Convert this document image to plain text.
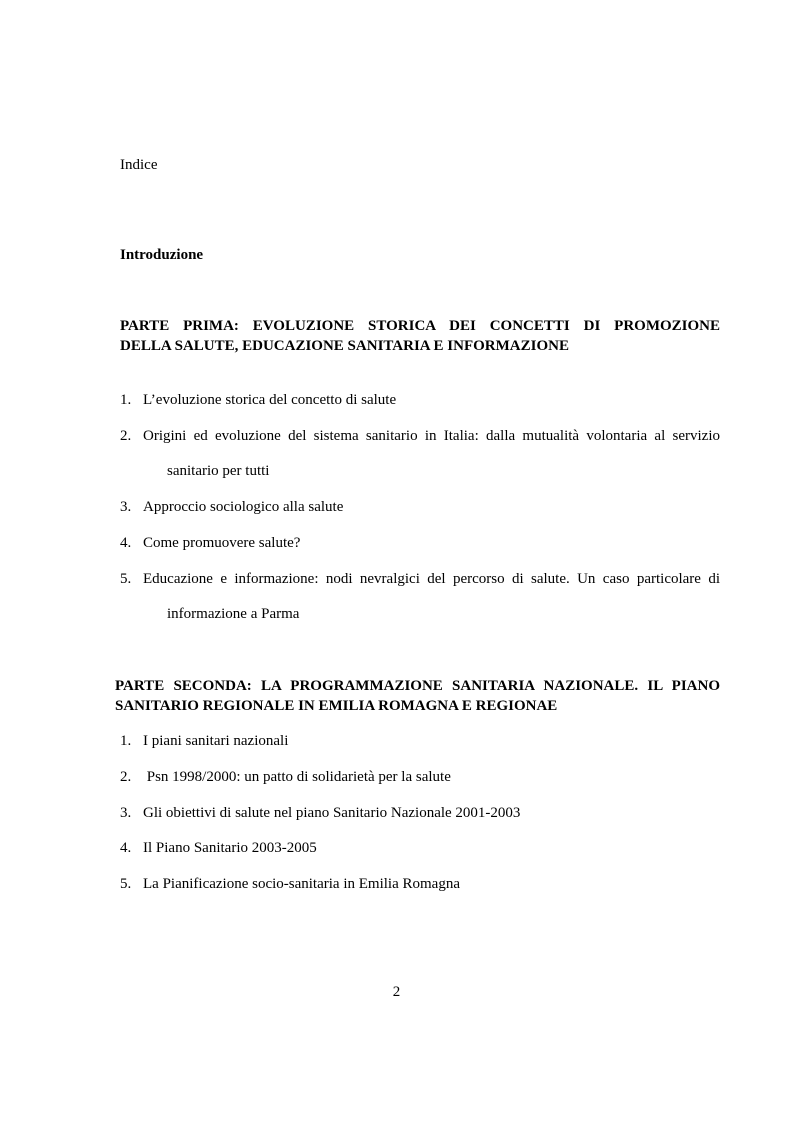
Indice
Introduzione
PARTE PRIMA: EVOLUZIONE STORICA DEI CONCETTI DI PROMOZIONE
DELLA SALUTE, EDUCAZIONE SANITARIA E INFORMAZIONE
1. L’evoluzione storica del concetto di salute
2. Origini ed evoluzione del sistema sanitario in Italia: dalla mutualità volontaria al servizio
sanitario per tutti
3. Approccio sociologico alla salute
4. Come promuovere salute?
5. Educazione e informazione: nodi nevralgici del percorso di salute. Un caso particolare di
informazione a Parma
PARTE SECONDA: LA PROGRAMMAZIONE SANITARIA NAZIONALE. IL PIANO
SANITARIO REGIONALE IN EMILIA ROMAGNA E REGIONAE
1. I piani sanitari nazionali
2. Psn 1998/2000: un patto di solidarietà per la salute
3. Gli obiettivi di salute nel piano Sanitario Nazionale 2001-2003
4. Il Piano Sanitario 2003-2005
5. La Pianificazione socio-sanitaria in Emilia Romagna
2
